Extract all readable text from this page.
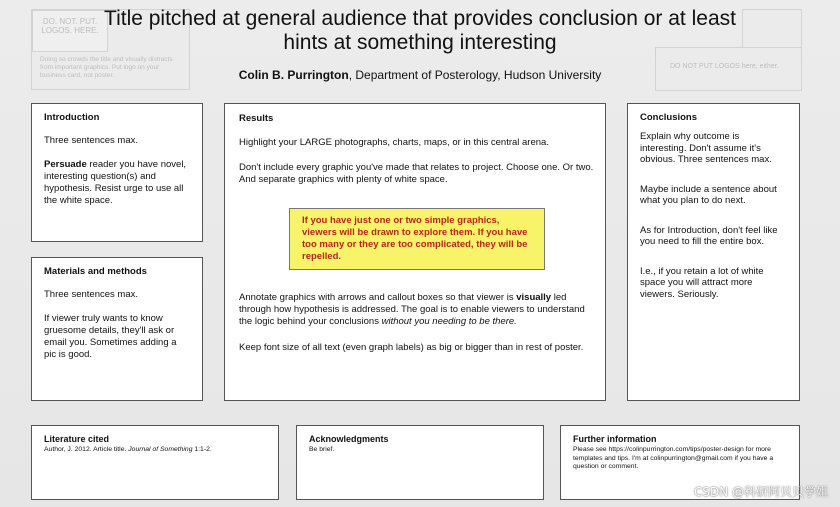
DO. NOT. PUT. LOGOS. HERE.
Doing so crowds the title and visually distracts from important graphics. Put logo on your business card, not poster.
DO NOT PUT LOGOS here, either.
Title pitched at general audience that provides conclusion or at least hints at something interesting
Colin B. Purrington, Department of Posterology, Hudson University
Introduction

Three sentences max.

Persuade reader you have novel, interesting question(s) and hypothesis. Resist urge to use all the white space.

Materials and methods

Three sentences max.

If viewer truly wants to know gruesome details, they'll ask or email you. Sometimes adding a pic is good.

Results

Highlight your LARGE photographs, charts, maps, or in this central arena.

Don't include every graphic you've made that relates to project. Choose one. Or two. And separate graphics with plenty of white space.

If you have just one or two simple graphics, viewers will be drawn to explore them. If you have too many or they are too complicated, they will be repelled.

Annotate graphics with arrows and callout boxes so that viewer is visually led through how hypothesis is addressed. The goal is to enable viewers to understand the logic behind your conclusions without you needing to be there.

Keep font size of all text (even graph labels) as big or bigger than in rest of poster.

Conclusions

Explain why outcome is interesting. Don't assume it's obvious. Three sentences max.

Maybe include a sentence about what you plan to do next.

As for Introduction, don't feel like you need to fill the entire box.

I.e., if you retain a lot of white space you will attract more viewers. Seriously.

Literature cited

Author, J. 2012. Article title. Journal of Something 1:1-2.

Acknowledgments

Be brief.

Further information

Please see https://colinpurrington.com/tips/poster-design for more templates and tips. I'm at colinpurrington@gmail.com if you have a question or comment.

CSDN @科研阿贝贝学姐
